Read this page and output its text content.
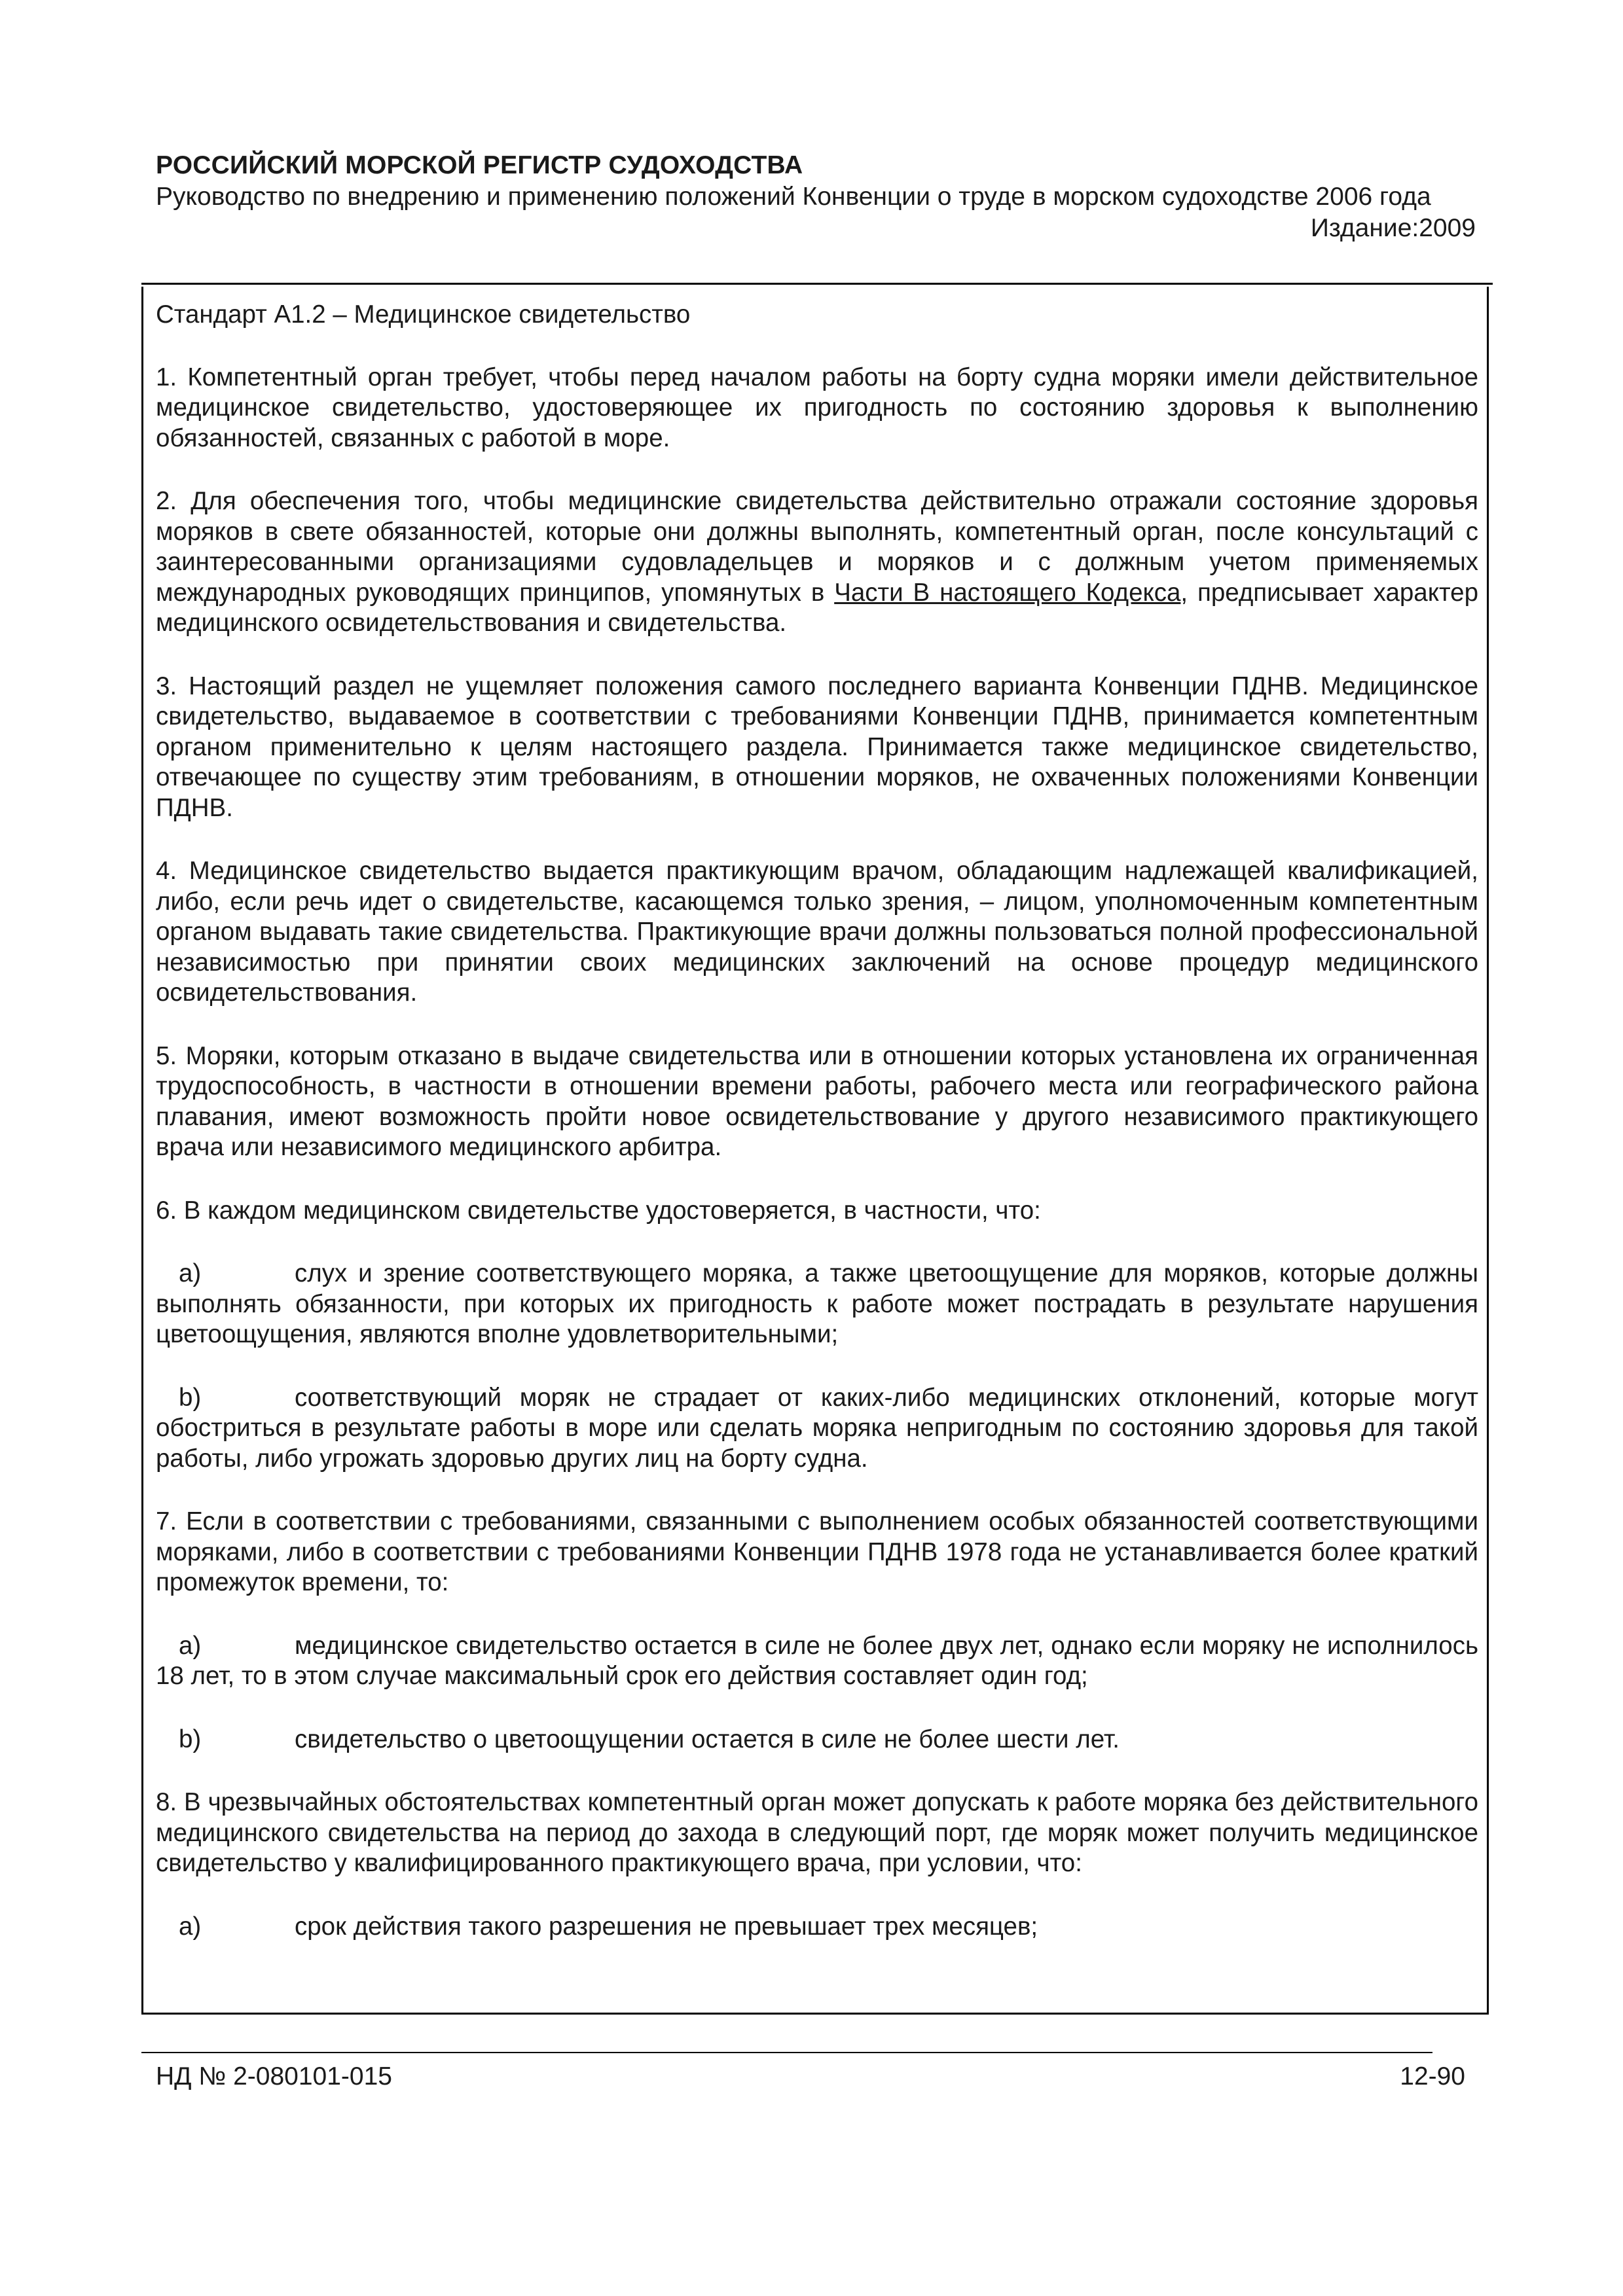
РОССИЙСКИЙ МОРСКОЙ РЕГИСТР СУДОХОДСТВА
Руководство по внедрению и применению положений Конвенции о труде в морском судоходстве 2006 года
Издание:2009

Стандарт А1.2 – Медицинское свидетельство

1. Компетентный орган требует, чтобы перед началом работы на борту судна моряки имели действительное медицинское свидетельство, удостоверяющее их пригодность по состоянию здоровья к выполнению обязанностей, связанных с работой в море.

2. Для обеспечения того, чтобы медицинские свидетельства действительно отражали состояние здоровья моряков в свете обязанностей, которые они должны выполнять, компетентный орган, после консультаций с заинтересованными организациями судовладельцев и моряков и с должным учетом применяемых международных руководящих принципов, упомянутых в Части В настоящего Кодекса, предписывает характер медицинского освидетельствования и свидетельства.

3. Настоящий раздел не ущемляет положения самого последнего варианта Конвенции ПДНВ. Медицинское свидетельство, выдаваемое в соответствии с требованиями Конвенции ПДНВ, принимается компетентным органом применительно к целям настоящего раздела. Принимается также медицинское свидетельство, отвечающее по существу этим требованиям, в отношении моряков, не охваченных положениями Конвенции ПДНВ.

4. Медицинское свидетельство выдается практикующим врачом, обладающим надлежащей квалификацией, либо, если речь идет о свидетельстве, касающемся только зрения, – лицом, уполномоченным компетентным органом выдавать такие свидетельства. Практикующие врачи должны пользоваться полной профессиональной независимостью при принятии своих медицинских заключений на основе процедур медицинского освидетельствования.

5. Моряки, которым отказано в выдаче свидетельства или в отношении которых установлена их ограниченная трудоспособность, в частности в отношении времени работы, рабочего места или географического района плавания, имеют возможность пройти новое освидетельствование у другого независимого практикующего врача или независимого медицинского арбитра.

6. В каждом медицинском свидетельстве удостоверяется, в частности, что:

a)	слух и зрение соответствующего моряка, а также цветоощущение для моряков, которые должны выполнять обязанности, при которых их пригодность к работе может пострадать в результате нарушения цветоощущения, являются вполне удовлетворительными;

b)	соответствующий моряк не страдает от каких-либо медицинских отклонений, которые могут обостриться в результате работы в море или сделать моряка непригодным по состоянию здоровья для такой работы, либо угрожать здоровью других лиц на борту судна.

7. Если в соответствии с требованиями, связанными с выполнением особых обязанностей соответствующими моряками, либо в соответствии с требованиями Конвенции ПДНВ 1978 года не устанавливается более краткий промежуток времени, то:

a)	медицинское свидетельство остается в силе не более двух лет, однако если моряку не исполнилось 18 лет, то в этом случае максимальный срок его действия составляет один год;

b)	свидетельство о цветоощущении остается в силе не более шести лет.

8. В чрезвычайных обстоятельствах компетентный орган может допускать к работе моряка без действительного медицинского свидетельства на период до захода в следующий порт, где моряк может получить медицинское свидетельство у квалифицированного практикующего врача, при условии, что:

a)	срок действия такого разрешения не превышает трех месяцев;

НД № 2-080101-015	12-90
